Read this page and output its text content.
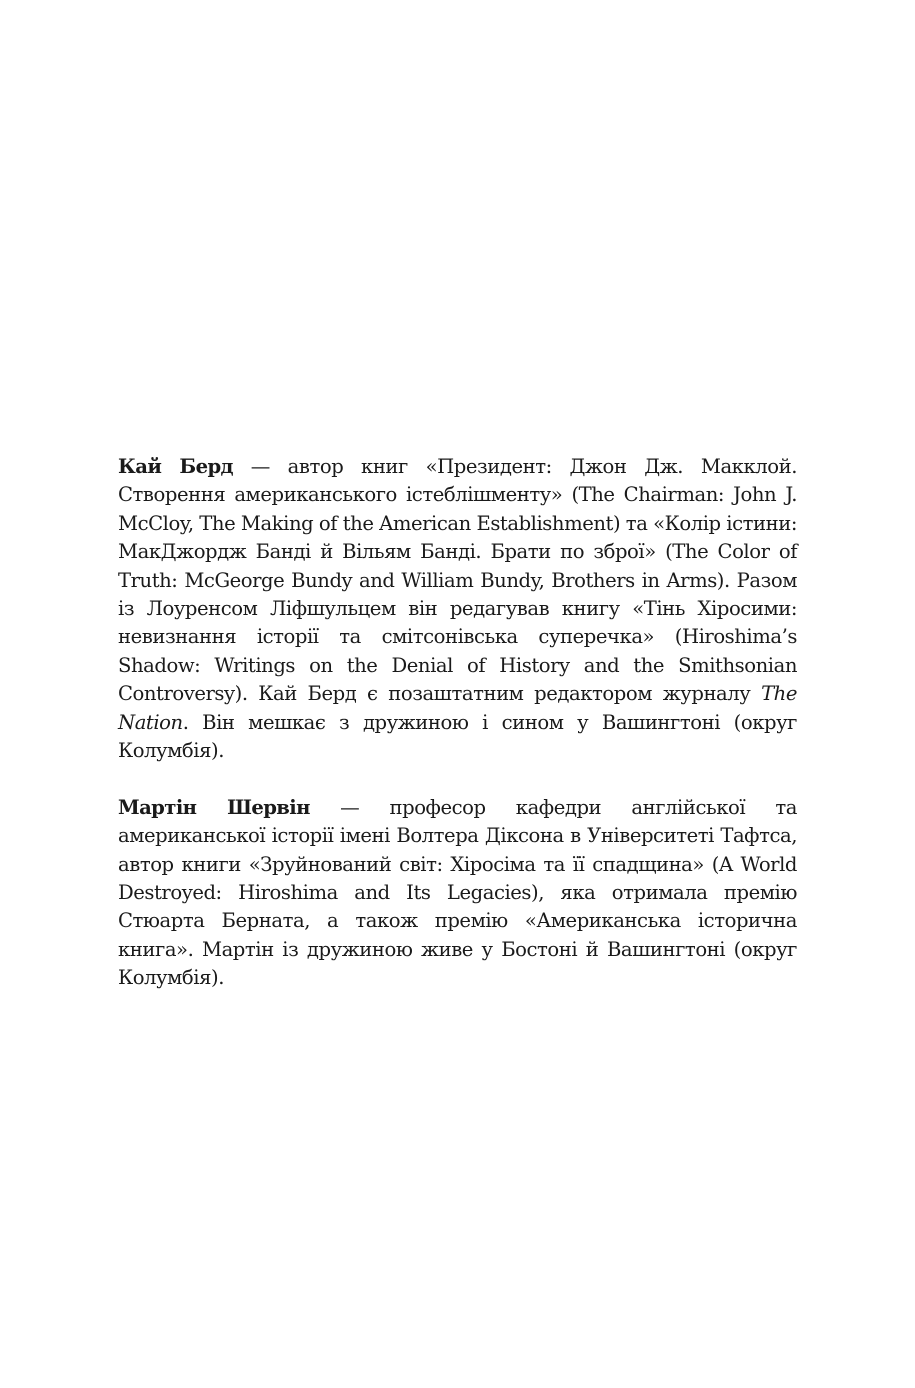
Кай Берд — автор книг «Президент: Джон Дж. Макклой. Створення американського істеблішменту» (The Chairman: John J. McCloy, The Making of the American Establishment) та «Колір істини: МакДжордж Банді й Вільям Банді. Брати по зброї» (The Color of Truth: McGeorge Bundy and William Bundy, Brothers in Arms). Разом із Лоуренсом Ліфшульцем він редагував книгу «Тінь Хіросими: невизнання історії та смітсонівська суперечка» (Hiroshima’s Shadow: Writings on the Denial of History and the Smithsonian Controversy). Кай Берд є позаштатним редактором журналу The Nation. Він мешкає з дружиною і сином у Вашингтоні (округ Колумбія).

Мартін Шервін — професор кафедри англійської та американської історії імені Волтера Діксона в Університеті Тафтса, автор книги «Зруйнований світ: Хіросіма та її спадщина» (A World Destroyed: Hiroshima and Its Legacies), яка отримала премію Стюарта Берната, а також премію «Американська історична книга». Мартін із дружиною живе у Бостоні й Вашингтоні (округ Колумбія).
